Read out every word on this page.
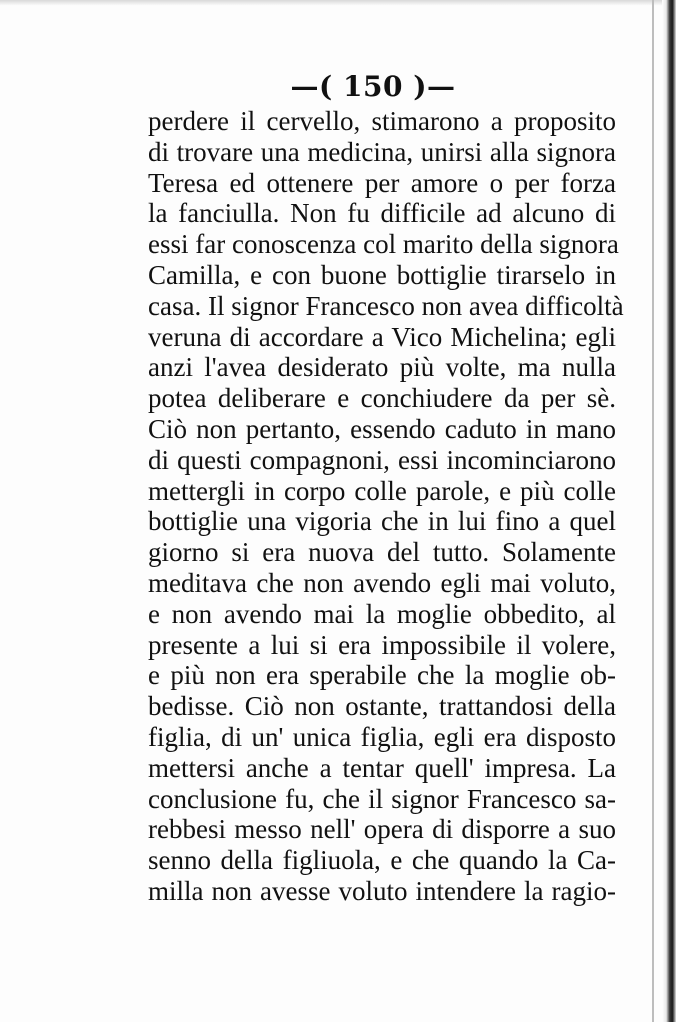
—( 150 )—
perdere il cervello, stimarono a proposito
di trovare una medicina, unirsi alla signora
Teresa ed ottenere per amore o per forza
la fanciulla. Non fu difficile ad alcuno di
essi far conoscenza col marito della signora
Camilla, e con buone bottiglie tirarselo in
casa. Il signor Francesco non avea difficoltà
veruna di accordare a Vico Michelina; egli
anzi l'avea desiderato più volte, ma nulla
potea deliberare e conchiudere da per sè.
Ciò non pertanto, essendo caduto in mano
di questi compagnoni, essi incominciarono
mettergli in corpo colle parole, e più colle
bottiglie una vigoria che in lui fino a quel
giorno si era nuova del tutto. Solamente
meditava che non avendo egli mai voluto,
e non avendo mai la moglie obbedito, al
presente a lui si era impossibile il volere,
e più non era sperabile che la moglie ob-
bedisse. Ciò non ostante, trattandosi della
figlia, di un' unica figlia, egli era disposto
mettersi anche a tentar quell' impresa. La
conclusione fu, che il signor Francesco sa-
rebbesi messo nell' opera di disporre a suo
senno della figliuola, e che quando la Ca-
milla non avesse voluto intendere la ragio-
